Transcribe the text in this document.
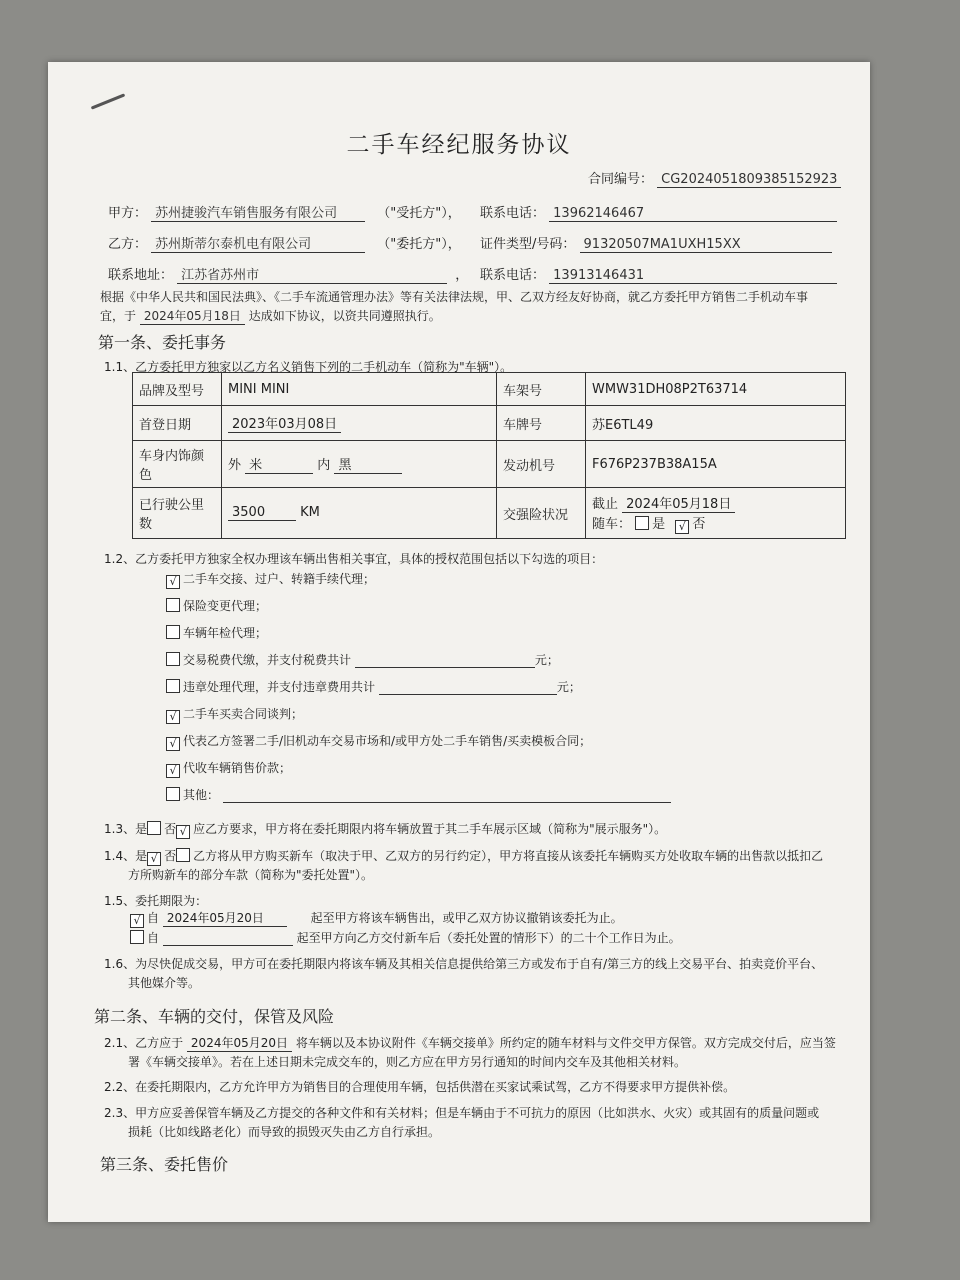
二手车经纪服务协议
合同编号： CG2024051809385152923
甲方： 苏州捷骏汽车销售服务有限公司	（"受托方"）， 联系电话： 13962146467
乙方： 苏州斯蒂尔泰机电有限公司	（"委托方"）， 证件类型/号码： 91320507MA1UXH15XX
联系地址： 江苏省苏州市	， 联系电话： 13913146431
根据《中华人民共和国民法典》、《二手车流通管理办法》等有关法律法规，甲、乙双方经友好协商，就乙方委托甲方销售二手机动车事
宜，于 2024年05月18日 达成如下协议，以资共同遵照执行。
第一条、委托事务
1.1、乙方委托甲方独家以乙方名义销售下列的二手机动车（简称为"车辆"）。
品牌及型号	MINI MINI	车架号	WMW31DH08P2T63714
首登日期	2023年03月08日	车牌号	苏E6TL49
车身内饰颜色	外 米 内 黑	发动机号	F676P237B38A15A
已行驶公里数	3500 KM	交强险状况	截止 2024年05月18日
随车： 是 √ 否
1.2、乙方委托甲方独家全权办理该车辆出售相关事宜，具体的授权范围包括以下勾选的项目：
√ 二手车交接、过户、转籍手续代理；
保险变更代理；
车辆年检代理；
交易税费代缴，并支付税费共计	元；
违章处理代理，并支付违章费用共计	元；
√ 二手车买卖合同谈判；
√ 代表乙方签署二手/旧机动车交易市场和/或甲方处二手车销售/买卖模板合同；
√ 代收车辆销售价款；
其他：
1.3、是 否 √ 应乙方要求，甲方将在委托期限内将车辆放置于其二手车展示区域（简称为"展示服务"）。
1.4、是 √ 否 乙方将从甲方购买新车（取决于甲、乙双方的另行约定），甲方将直接从该委托车辆购买方处收取车辆的出售款以抵扣乙
方所购新车的部分车款（简称为"委托处置"）。
1.5、委托期限为：
√ 自 2024年05月20日	起至甲方将该车辆售出，或甲乙双方协议撤销该委托为止。
自	起至甲方向乙方交付新车后（委托处置的情形下）的二十个工作日为止。
1.6、为尽快促成交易，甲方可在委托期限内将该车辆及其相关信息提供给第三方或发布于自有/第三方的线上交易平台、拍卖竞价平台、
其他媒介等。
第二条、车辆的交付，保管及风险
2.1、乙方应于 2024年05月20日 将车辆以及本协议附件《车辆交接单》所约定的随车材料与文件交甲方保管。双方完成交付后，应当签
署《车辆交接单》。若在上述日期未完成交车的，则乙方应在甲方另行通知的时间内交车及其他相关材料。
2.2、在委托期限内，乙方允许甲方为销售目的合理使用车辆，包括供潜在买家试乘试驾，乙方不得要求甲方提供补偿。
2.3、甲方应妥善保管车辆及乙方提交的各种文件和有关材料；但是车辆由于不可抗力的原因（比如洪水、火灾）或其固有的质量问题或
损耗（比如线路老化）而导致的损毁灭失由乙方自行承担。
第三条、委托售价
